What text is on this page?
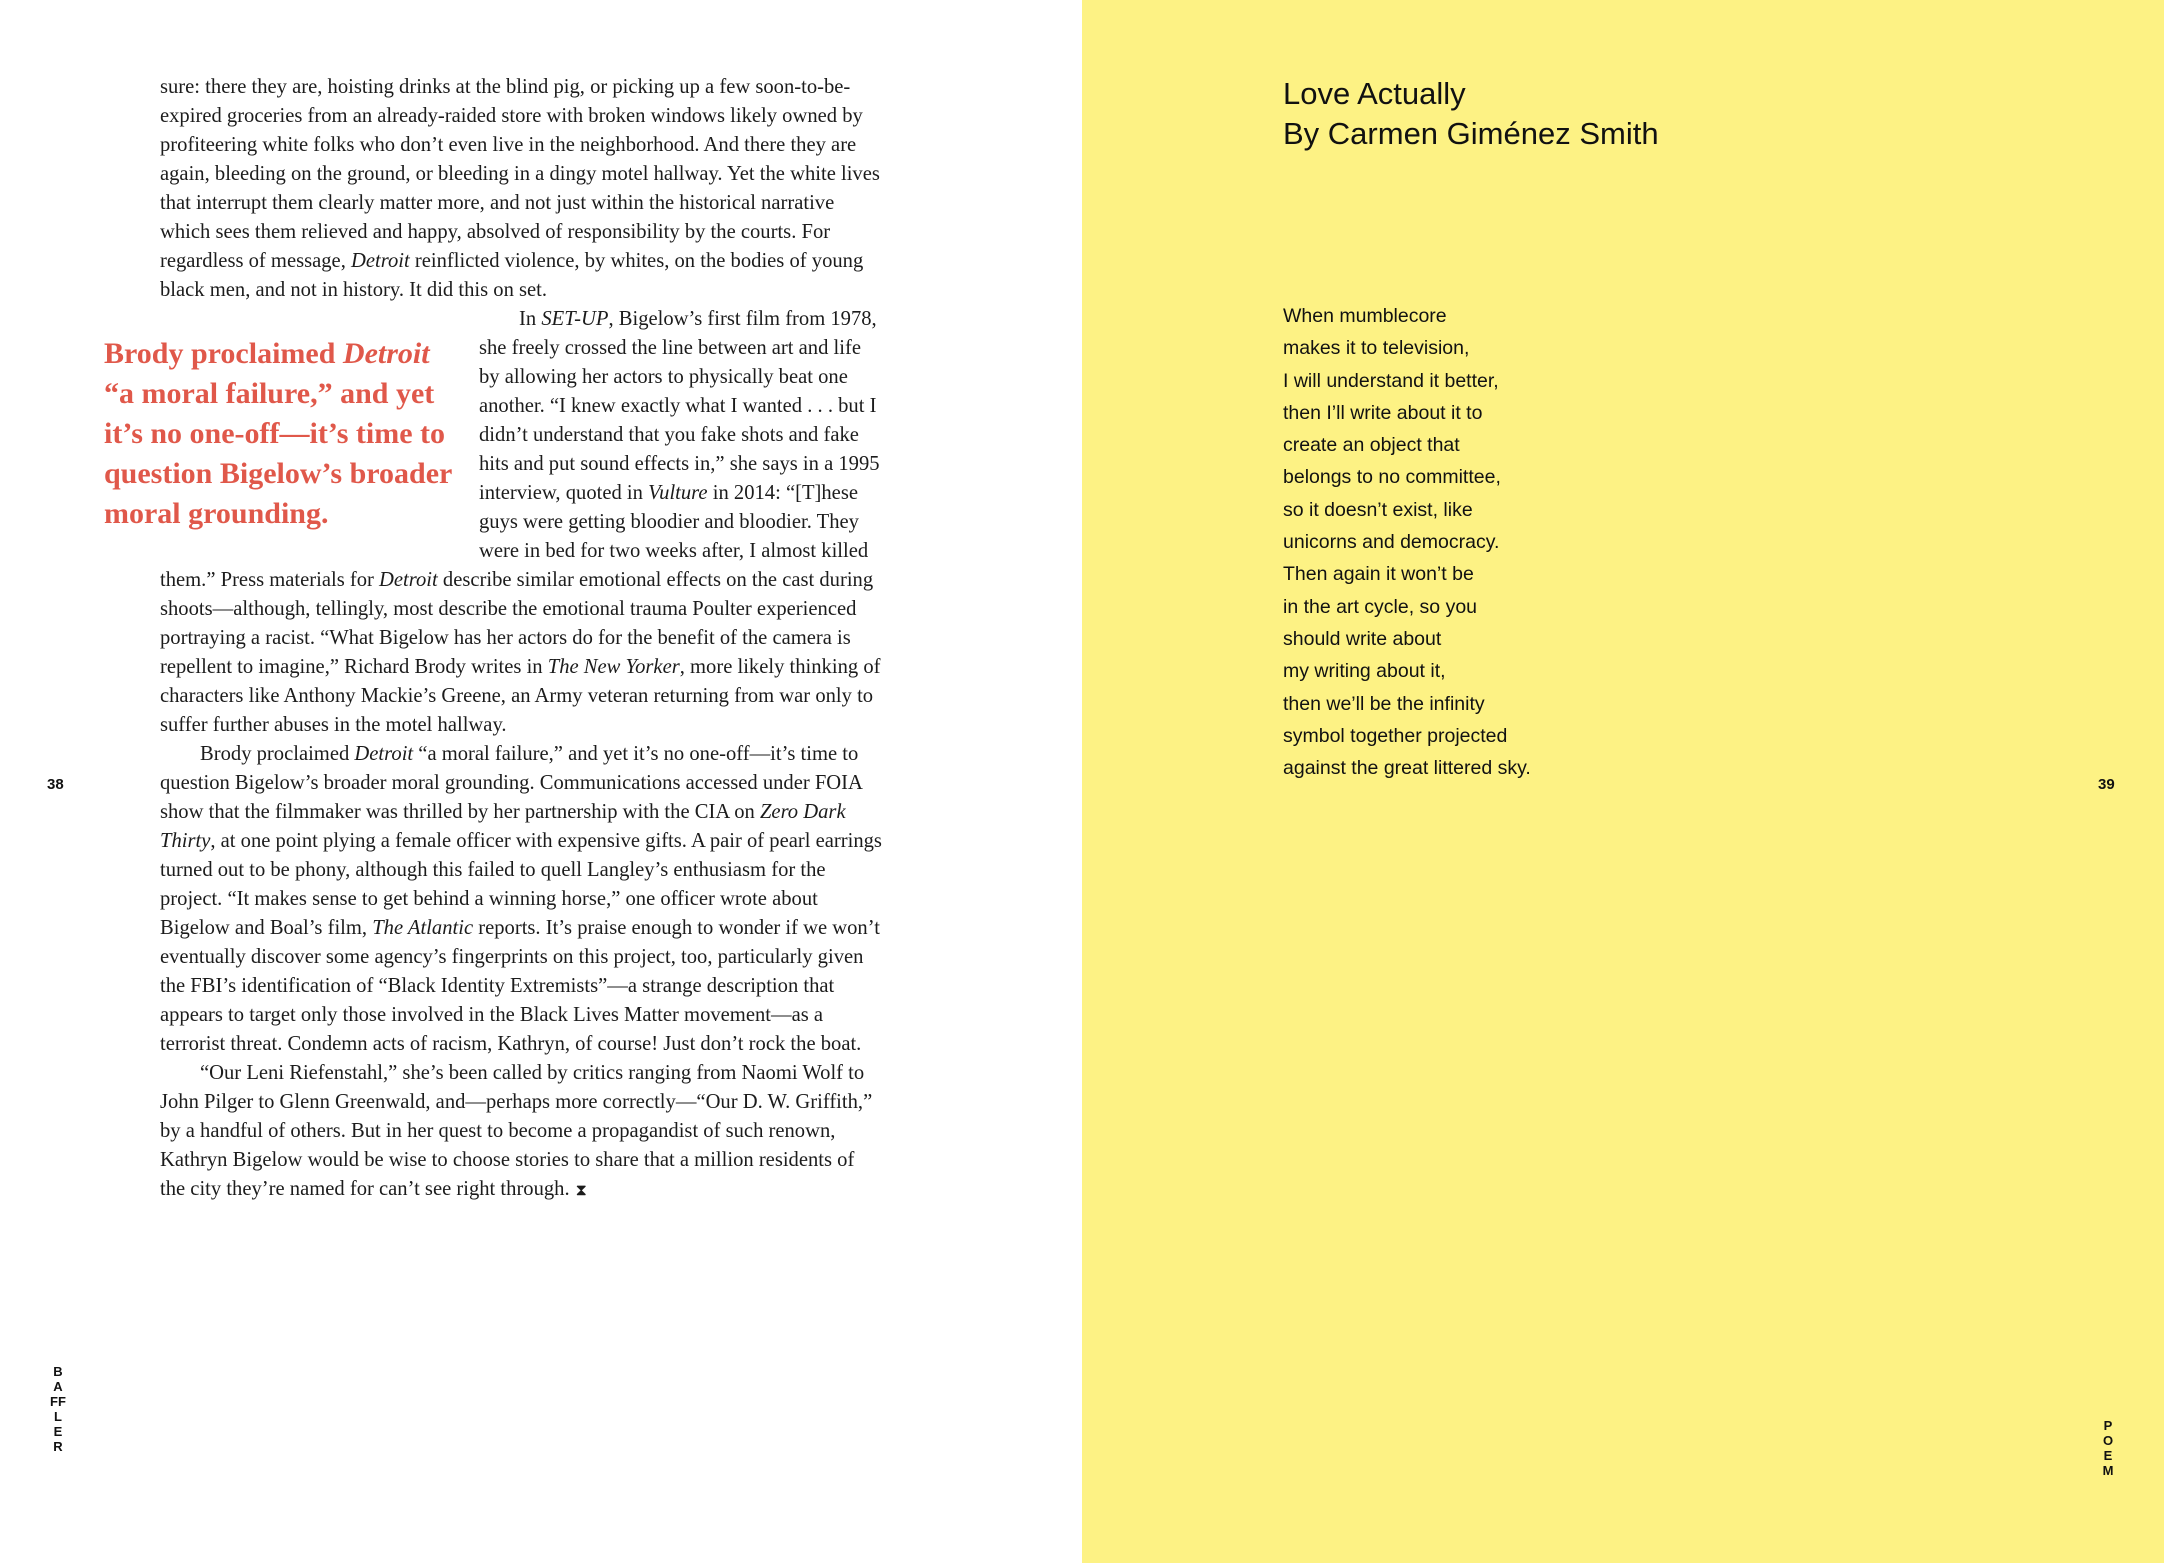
sure: there they are, hoisting drinks at the blind pig, or picking up a few soon-to-be-expired groceries from an already-raided store with broken windows likely owned by profiteering white folks who don’t even live in the neighborhood. And there they are again, bleeding on the ground, or bleeding in a dingy motel hallway. Yet the white lives that interrupt them clearly matter more, and not just within the historical narrative which sees them relieved and happy, absolved of responsibility by the courts. For regardless of message, Detroit reinflicted violence, by whites, on the bodies of young black men, and not in history. It did this on set.

Brody proclaimed Detroit “a moral failure,” and yet it’s no one-off—it’s time to question Bigelow’s broader moral grounding.

In SET-UP, Bigelow’s first film from 1978, she freely crossed the line between art and life by allowing her actors to physically beat one another. “I knew exactly what I wanted . . . but I didn’t understand that you fake shots and fake hits and put sound effects in,” she says in a 1995 interview, quoted in Vulture in 2014: “[T]hese guys were getting bloodier and bloodier. They were in bed for two weeks after, I almost killed them.” Press materials for Detroit describe similar emotional effects on the cast during shoots—although, tellingly, most describe the emotional trauma Poulter experienced portraying a racist. “What Bigelow has her actors do for the benefit of the camera is repellent to imagine,” Richard Brody writes in The New Yorker, more likely thinking of characters like Anthony Mackie’s Greene, an Army veteran returning from war only to suffer further abuses in the motel hallway.

Brody proclaimed Detroit “a moral failure,” and yet it’s no one-off—it’s time to question Bigelow’s broader moral grounding. Communications accessed under FOIA show that the filmmaker was thrilled by her partnership with the CIA on Zero Dark Thirty, at one point plying a female officer with expensive gifts. A pair of pearl earrings turned out to be phony, although this failed to quell Langley’s enthusiasm for the project. “It makes sense to get behind a winning horse,” one officer wrote about Bigelow and Boal’s film, The Atlantic reports. It’s praise enough to wonder if we won’t eventually discover some agency’s fingerprints on this project, too, particularly given the FBI’s identification of “Black Identity Extremists”—a strange description that appears to target only those involved in the Black Lives Matter movement—as a terrorist threat. Condemn acts of racism, Kathryn, of course! Just don’t rock the boat.

“Our Leni Riefenstahl,” she’s been called by critics ranging from Naomi Wolf to John Pilger to Glenn Greenwald, and—perhaps more correctly—“Our D. W. Griffith,” by a handful of others. But in her quest to become a propagandist of such renown, Kathryn Bigelow would be wise to choose stories to share that a million residents of the city they’re named for can’t see right through. ⧗

38
BAFFLER
Love Actually
By Carmen Giménez Smith
When mumblecore
makes it to television,
I will understand it better,
then I’ll write about it to
create an object that
belongs to no committee,
so it doesn’t exist, like
unicorns and democracy.
Then again it won’t be
in the art cycle, so you
should write about
my writing about it,
then we’ll be the infinity
symbol together projected
against the great littered sky.
39
POEM
